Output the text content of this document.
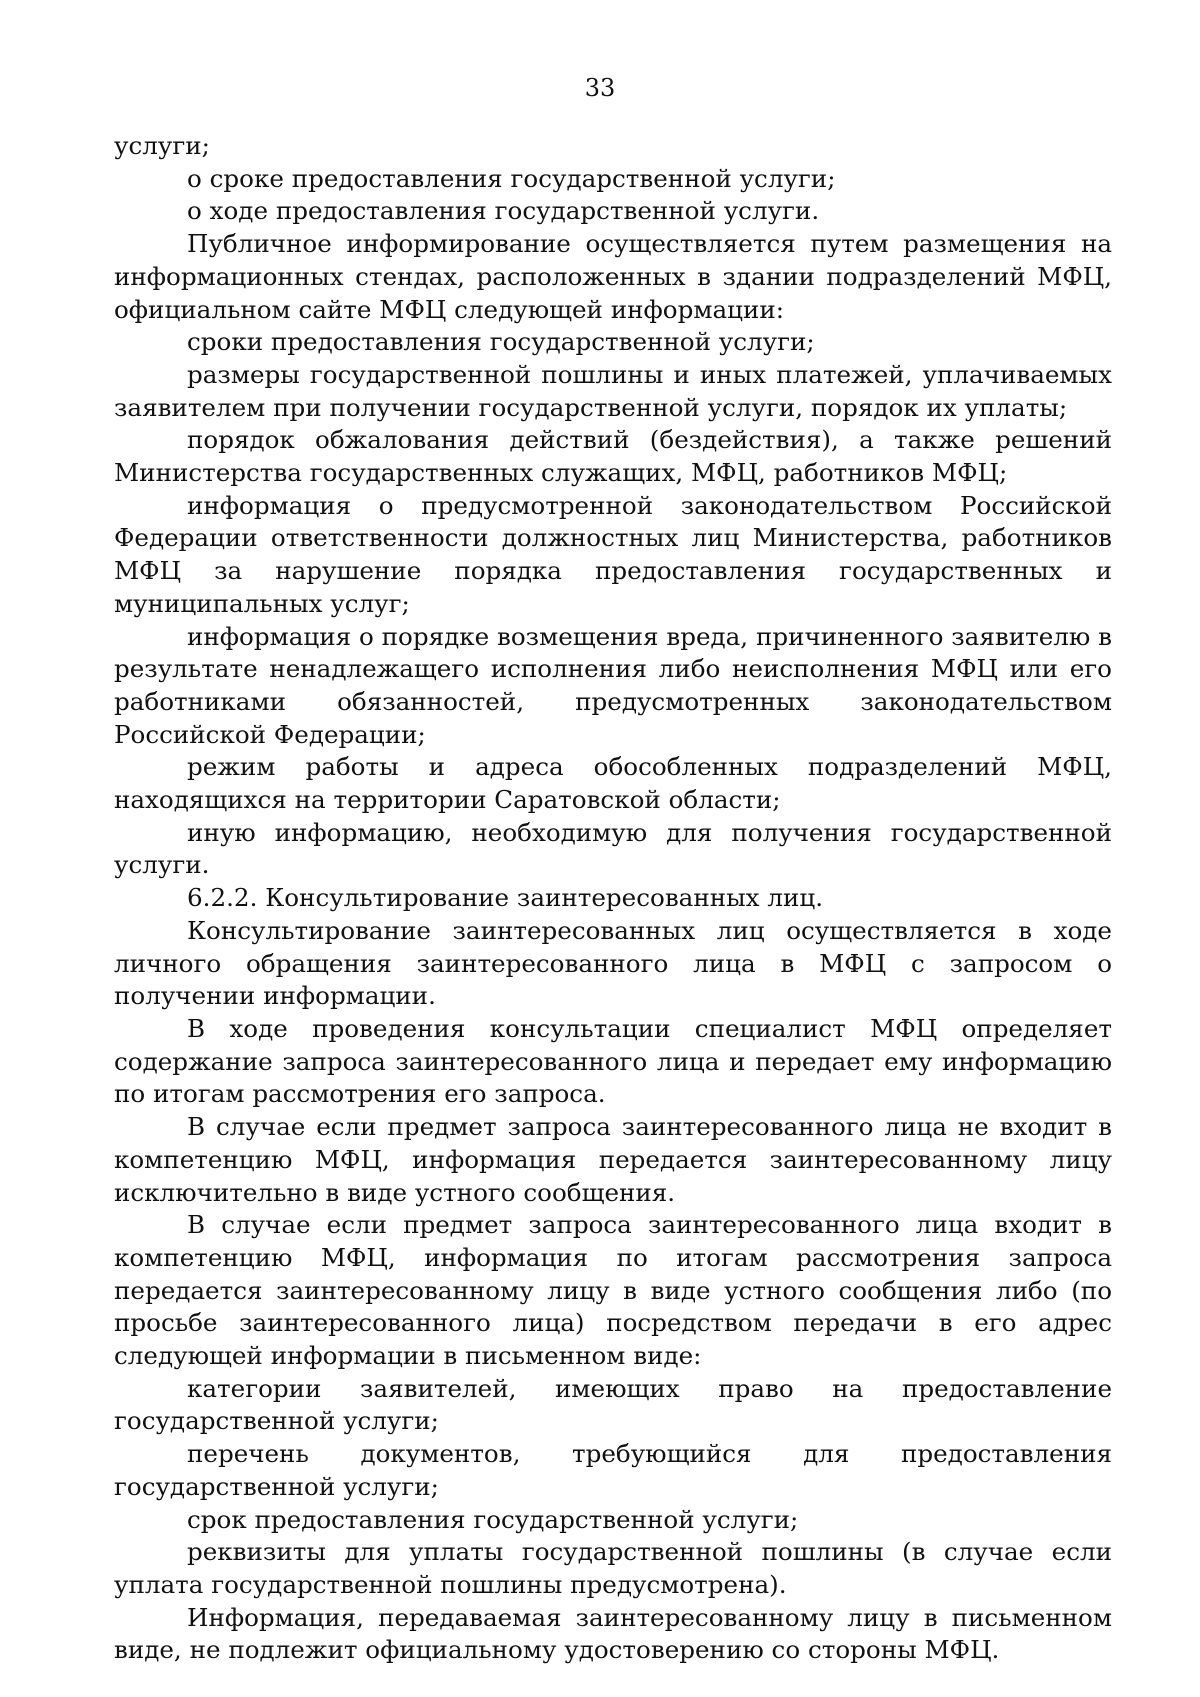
33

услуги;

о сроке предоставления государственной услуги;

о ходе предоставления государственной услуги.

Публичное информирование осуществляется путем размещения на информационных стендах, расположенных в здании подразделений МФЦ, официальном сайте МФЦ следующей информации:

сроки предоставления государственной услуги;

размеры государственной пошлины и иных платежей, уплачиваемых заявителем при получении государственной услуги, порядок их уплаты;

порядок обжалования действий (бездействия), а также решений Министерства государственных служащих, МФЦ, работников МФЦ;

информация о предусмотренной законодательством Российской Федерации ответственности должностных лиц Министерства, работников МФЦ за нарушение порядка предоставления государственных и муниципальных услуг;

информация о порядке возмещения вреда, причиненного заявителю в результате ненадлежащего исполнения либо неисполнения МФЦ или его работниками обязанностей, предусмотренных законодательством Российской Федерации;

режим работы и адреса обособленных подразделений МФЦ, находящихся на территории Саратовской области;

иную информацию, необходимую для получения государственной услуги.

6.2.2. Консультирование заинтересованных лиц.

Консультирование заинтересованных лиц осуществляется в ходе личного обращения заинтересованного лица в МФЦ с запросом о получении информации.

В ходе проведения консультации специалист МФЦ определяет содержание запроса заинтересованного лица и передает ему информацию по итогам рассмотрения его запроса.

В случае если предмет запроса заинтересованного лица не входит в компетенцию МФЦ, информация передается заинтересованному лицу исключительно в виде устного сообщения.

В случае если предмет запроса заинтересованного лица входит в компетенцию МФЦ, информация по итогам рассмотрения запроса передается заинтересованному лицу в виде устного сообщения либо (по просьбе заинтересованного лица) посредством передачи в его адрес следующей информации в письменном виде:

категории заявителей, имеющих право на предоставление государственной услуги;

перечень документов, требующийся для предоставления государственной услуги;

срок предоставления государственной услуги;

реквизиты для уплаты государственной пошлины (в случае если уплата государственной пошлины предусмотрена).

Информация, передаваемая заинтересованному лицу в письменном виде, не подлежит официальному удостоверению со стороны МФЦ.
